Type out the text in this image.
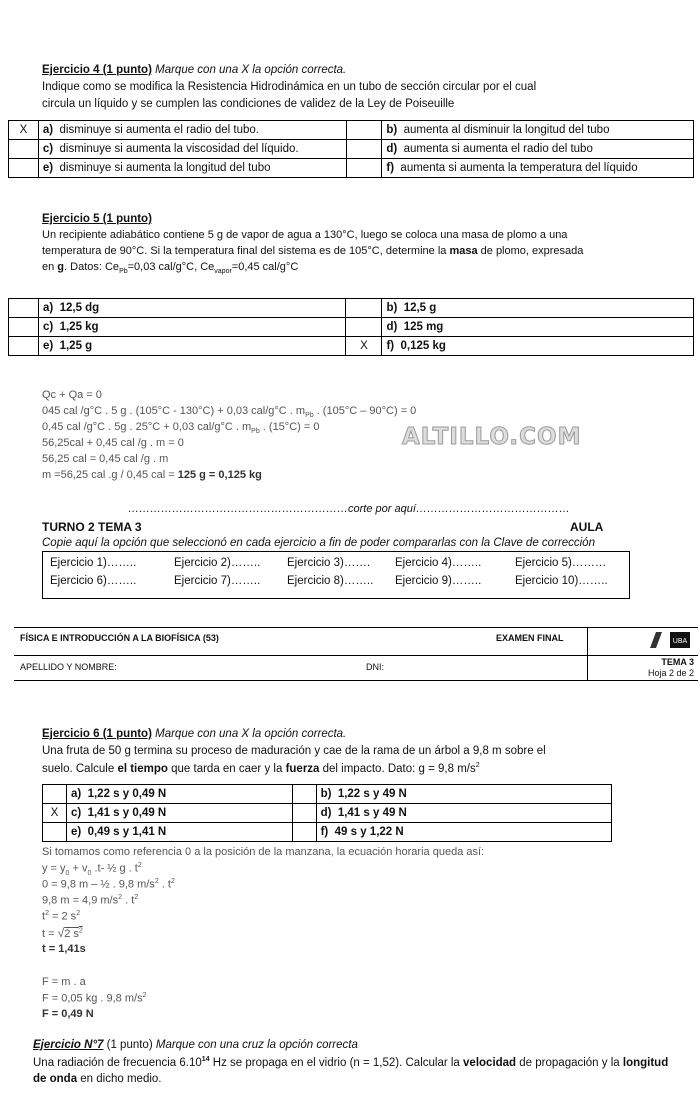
Ejercicio 4 (1 punto) Marque con una X la opción correcta.
Indique como se modifica la Resistencia Hidrodinámica en un tubo de sección circular por el cual
circula un líquido y se cumplen las condiciones de validez de la Ley de Poiseuille
X	a) disminuye si aumenta el radio del tubo.		b) aumenta al disminuir la longitud del tubo
	c) disminuye si aumenta la viscosidad del líquido.		d) aumenta si aumenta el radio del tubo
	e) disminuye si aumenta la longitud del tubo		f) aumenta si aumenta la temperatura del líquido
Ejercicio 5 (1 punto)
Un recipiente adiabático contiene 5 g de vapor de agua a 130°C, luego se coloca una masa de plomo a una
temperatura de 90°C. Si la temperatura final del sistema es de 105°C, determine la masa de plomo, expresada
en g. Datos: $Ce_{Pb}=0,03$ cal/g°C, $Ce_{vapor}=0,45$ cal/g°C
	a) 12,5 dg		b) 12,5 g
	c) 1,25 kg		d) 125 mg
	e) 1,25 g	X	f) 0,125 kg
Qc + Qa = 0
045 cal /g°C . 5 g . (105°C - 130°C) + 0,03 cal/g°C . $m_{Pb}$ . (105°C – 90°C) = 0
0,45 cal /g°C . 5g . 25°C + 0,03 cal/g°C . $m_{Pb}$ . (15°C) = 0
56,25cal + 0,45 cal /g . m = 0
56,25 cal = 0,45 cal /g . m
m =56,25 cal .g / 0,45 cal = 125 g = 0,125 kg
ALTILLO.COM
……………………………………………………corte por aquí……………………………………
TURNO 2 TEMA 3	AULA
Copie aquí la opción que seleccionó en cada ejercicio a fin de poder compararlas con la Clave de corrección
Ejercicio 1)……..	Ejercicio 2)…….. Ejercicio 3)……. Ejercicio 4)……..	Ejercicio 5)………
Ejercicio 6)……..	Ejercicio 7)…….. Ejercicio 8)…….. Ejercicio 9)……..	Ejercicio 10)……..
FÍSICA E INTRODUCCIÓN A LA BIOFÍSICA (53)	EXAMEN FINAL
APELLIDO Y NOMBRE:	DNI:	TEMA 3
Hoja 2 de 2
UBA
Ejercicio 6 (1 punto) Marque con una X la opción correcta.
Una fruta de 50 g termina su proceso de maduración y cae de la rama de un árbol a 9,8 m sobre el
suelo. Calcule el tiempo que tarda en caer y la fuerza del impacto. Dato: g = 9,8 $m/s^2$
	a) 1,22 s y 0,49 N		b) 1,22 s y 49 N
X	c) 1,41 s y 0,49 N		d) 1,41 s y 49 N
	e) 0,49 s y 1,41 N		f) 49 s y 1,22 N
Si tomamos como referencia 0 a la posición de la manzana, la ecuación horaria queda así:
$y = y_0 + v_0$ .t- ½ g . $t^2$
0 = 9,8 m – ½ . 9,8 $m/s^2$ . $t^2$
9,8 m = 4,9 $m/s^2$ . $t^2$
$t^2 = 2$ $s^2$
t = √2 $s^2$
t = 1,41s
F = m . a
F = 0,05 kg . 9,8 $m/s^2$
F = 0,49 N
Ejercicio N°7 (1 punto) Marque con una cruz la opción correcta
Una radiación de frecuencia 6.10$^{14}$ Hz se propaga en el vidrio (n = 1,52). Calcular la velocidad de propagación y la longitud
de onda en dicho medio.
